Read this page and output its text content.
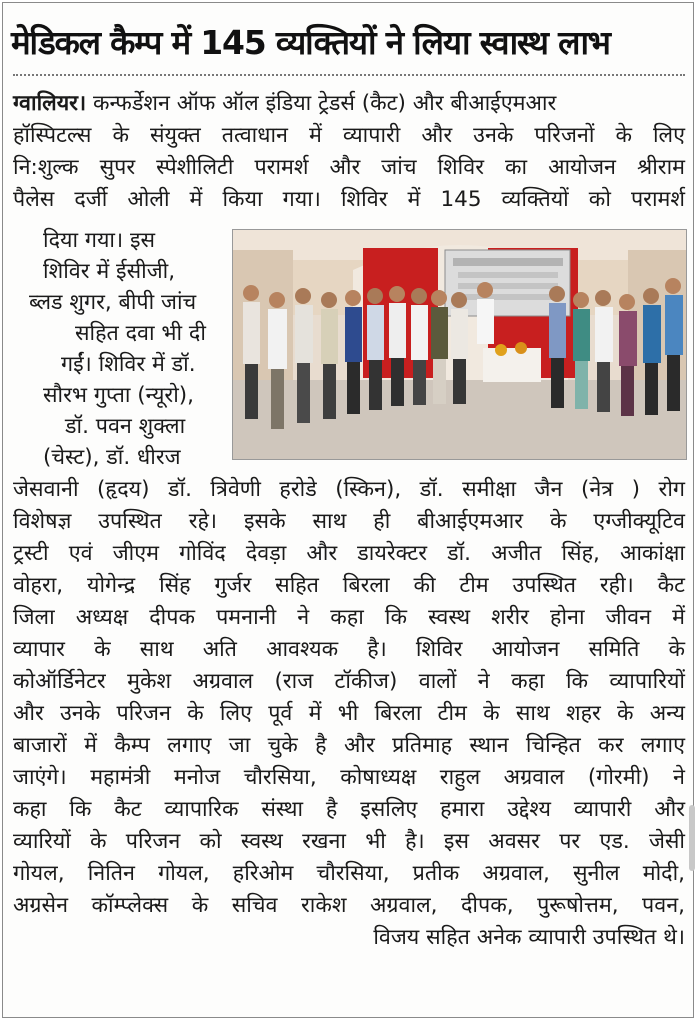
मेडिकल कैम्प में 145 व्यक्तियों ने लिया स्वास्थ लाभ
ग्वालियर। कन्फर्डेशन ऑफ ऑल इंडिया ट्रेडर्स (कैट) और बीआईएमआर
हॉस्पिटल्स के संयुक्त तत्वाधान में व्यापारी और उनके परिजनों के लिए
नि:शुल्क सुपर स्पेशीलिटी परामर्श और जांच शिविर का आयोजन श्रीराम
पैलेस दर्जी ओली में किया गया। शिविर में 145 व्यक्तियों को परामर्श
दिया गया। इस
शिविर में ईसीजी,
ब्लड शुगर, बीपी जांच
सहित दवा भी दी
गईं। शिविर में डॉ.
सौरभ गुप्ता (न्यूरो),
डॉ. पवन शुक्ला
(चेस्ट), डॉ. धीरज
जेसवानी (हृदय) डॉ. त्रिवेणी हरोडे (स्किन), डॉ. समीक्षा जैन (नेत्र ) रोग
विशेषज्ञ उपस्थित रहे। इसके साथ ही बीआईएमआर के एग्जीक्यूटिव
ट्रस्टी एवं जीएम गोविंद देवड़ा और डायरेक्टर डॉ. अजीत सिंह, आकांक्षा
वोहरा, योगेन्द्र सिंह गुर्जर सहित बिरला की टीम उपस्थित रही। कैट
जिला अध्यक्ष दीपक पमनानी ने कहा कि स्वस्थ शरीर होना जीवन में
व्यापार के साथ अति आवश्यक है। शिविर आयोजन समिति के
कोऑर्डिनेटर मुकेश अग्रवाल (राज टॉकीज) वालों ने कहा कि व्यापारियों
और उनके परिजन के लिए पूर्व में भी बिरला टीम के साथ शहर के अन्य
बाजारों में कैम्प लगाए जा चुके है और प्रतिमाह स्थान चिन्हित कर लगाए
जाएंगे। महामंत्री मनोज चौरसिया, कोषाध्यक्ष राहुल अग्रवाल (गोरमी) ने
कहा कि कैट व्यापारिक संस्था है इसलिए हमारा उद्देश्य व्यापारी और
व्यारियों के परिजन को स्वस्थ रखना भी है। इस अवसर पर एड. जेसी
गोयल, नितिन गोयल, हरिओम चौरसिया, प्रतीक अग्रवाल, सुनील मोदी,
अग्रसेन कॉम्प्लेक्स के सचिव राकेश अग्रवाल, दीपक, पुरूषोत्तम, पवन,
विजय सहित अनेक व्यापारी उपस्थित थे।
